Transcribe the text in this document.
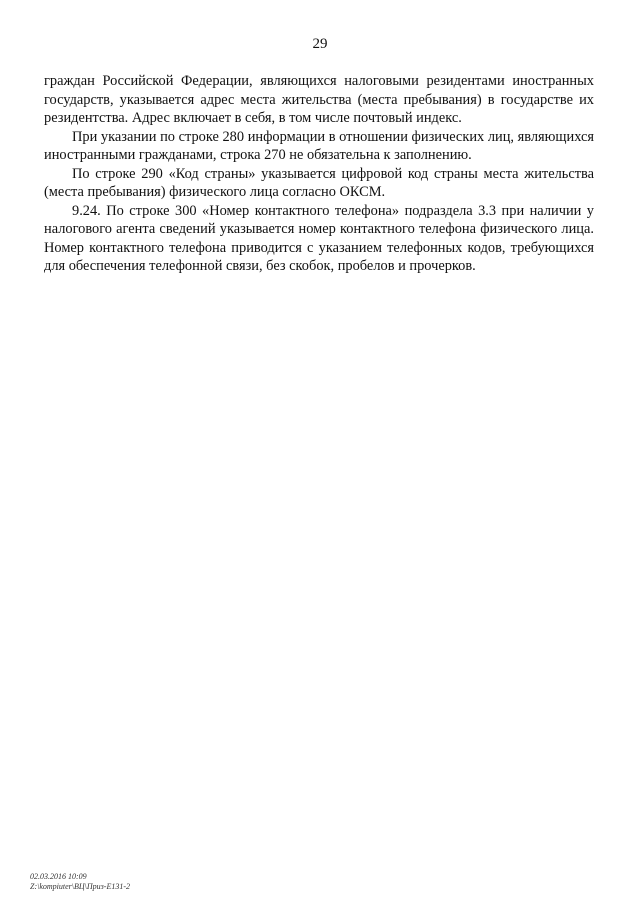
29

граждан Российской Федерации, являющихся налоговыми резидентами иностранных государств, указывается адрес места жительства (места пребывания) в государстве их резидентства. Адрес включает в себя, в том числе почтовый индекс.

При указании по строке 280 информации в отношении физических лиц, являющихся иностранными гражданами, строка 270 не обязательна к заполнению.

По строке 290 «Код страны» указывается цифровой код страны места жительства (места пребывания) физического лица согласно ОКСМ.

9.24. По строке 300 «Номер контактного телефона» подраздела 3.3 при наличии у налогового агента сведений указывается номер контактного телефона физического лица. Номер контактного телефона приводится с указанием телефонных кодов, требующихся для обеспечения телефонной связи, без скобок, пробелов и прочерков.

02.03.2016 10:09
Z:\kompiuter\ВЦ\Приз-Е131-2
